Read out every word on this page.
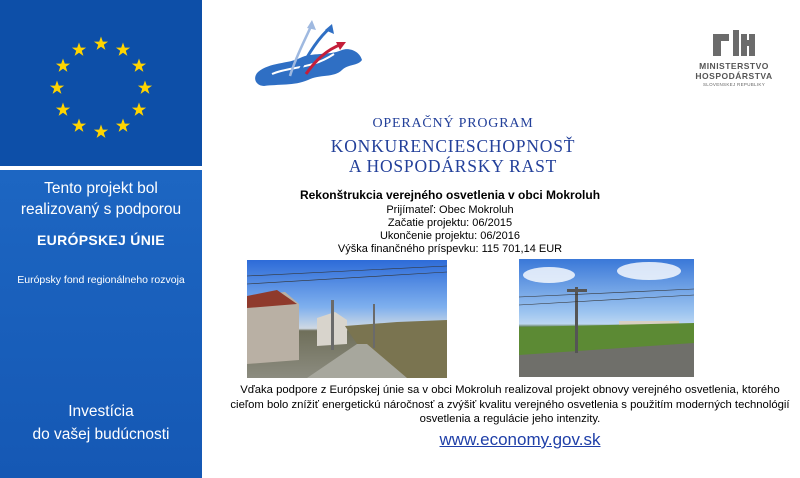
Tento projekt bol
realizovaný s podporou
EURÓPSKEJ ÚNIE
Európsky fond regionálneho rozvoja
Investícia
do vašej budúcnosti
MINISTERSTVO
HOSPODÁRSTVA
SLOVENSKEJ REPUBLIKY
OPERAČNÝ PROGRAM
KONKURENCIESCHOPNOSŤ
A HOSPODÁRSKY RAST
Rekonštrukcia verejného osvetlenia v obci Mokroluh
Prijímateľ: Obec Mokroluh
Začatie projektu: 06/2015
Ukončenie projektu: 06/2016
Výška finančného príspevku: 115 701,14 EUR
Vďaka podpore z Európskej únie sa v obci Mokroluh realizoval projekt obnovy verejného osvetlenia, ktorého cieľom bolo znížiť energetickú náročnosť a zvýšiť kvalitu verejného osvetlenia s použitím moderných technológií osvetlenia a regulácie jeho intenzity.
www.economy.gov.sk
